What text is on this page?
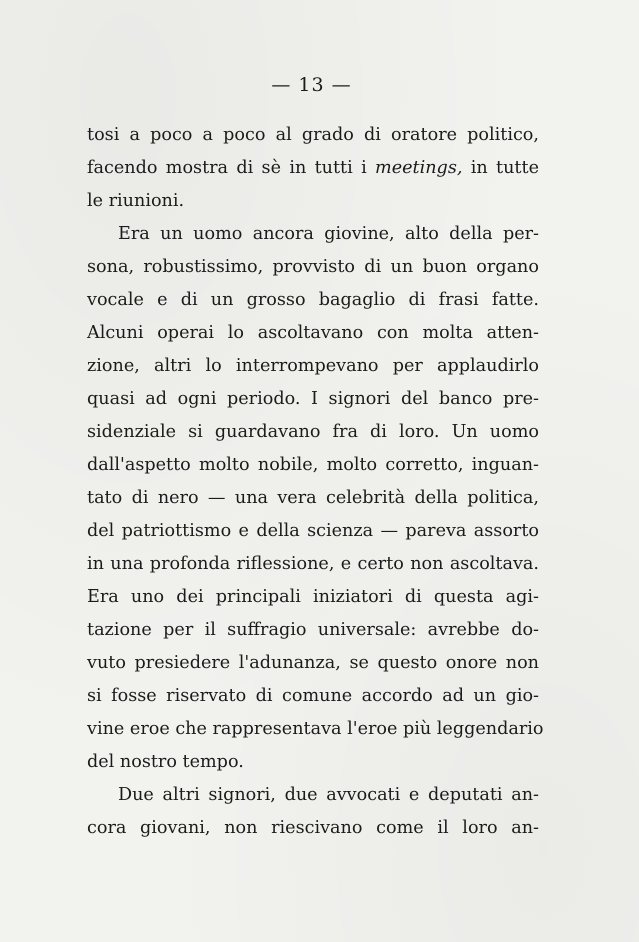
— 13 —
tosi a poco a poco al grado di oratore politico,
facendo mostra di sè in tutti i meetings, in tutte
le riunioni.
Era un uomo ancora giovine, alto della per-
sona, robustissimo, provvisto di un buon organo
vocale e di un grosso bagaglio di frasi fatte.
Alcuni operai lo ascoltavano con molta atten-
zione, altri lo interrompevano per applaudirlo
quasi ad ogni periodo. I signori del banco pre-
sidenziale si guardavano fra di loro. Un uomo
dall'aspetto molto nobile, molto corretto, inguan-
tato di nero — una vera celebrità della politica,
del patriottismo e della scienza — pareva assorto
in una profonda riflessione, e certo non ascoltava.
Era uno dei principali iniziatori di questa agi-
tazione per il suffragio universale: avrebbe do-
vuto presiedere l'adunanza, se questo onore non
si fosse riservato di comune accordo ad un gio-
vine eroe che rappresentava l'eroe più leggendario
del nostro tempo.
Due altri signori, due avvocati e deputati an-
cora giovani, non riescivano come il loro an-
